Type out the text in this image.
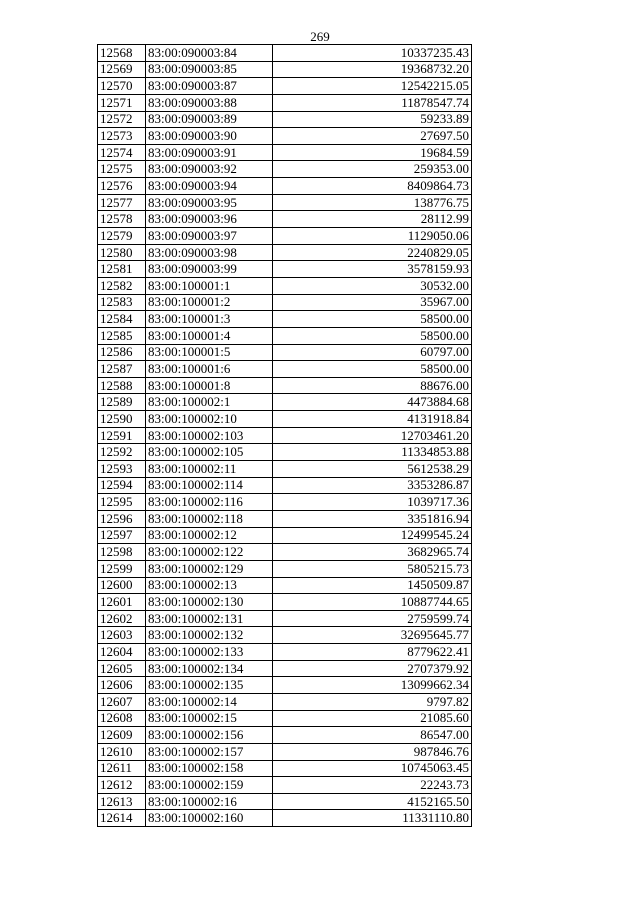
269
12568	83:00:090003:84	10337235.43
12569	83:00:090003:85	19368732.20
12570	83:00:090003:87	12542215.05
12571	83:00:090003:88	11878547.74
12572	83:00:090003:89	59233.89
12573	83:00:090003:90	27697.50
12574	83:00:090003:91	19684.59
12575	83:00:090003:92	259353.00
12576	83:00:090003:94	8409864.73
12577	83:00:090003:95	138776.75
12578	83:00:090003:96	28112.99
12579	83:00:090003:97	1129050.06
12580	83:00:090003:98	2240829.05
12581	83:00:090003:99	3578159.93
12582	83:00:100001:1	30532.00
12583	83:00:100001:2	35967.00
12584	83:00:100001:3	58500.00
12585	83:00:100001:4	58500.00
12586	83:00:100001:5	60797.00
12587	83:00:100001:6	58500.00
12588	83:00:100001:8	88676.00
12589	83:00:100002:1	4473884.68
12590	83:00:100002:10	4131918.84
12591	83:00:100002:103	12703461.20
12592	83:00:100002:105	11334853.88
12593	83:00:100002:11	5612538.29
12594	83:00:100002:114	3353286.87
12595	83:00:100002:116	1039717.36
12596	83:00:100002:118	3351816.94
12597	83:00:100002:12	12499545.24
12598	83:00:100002:122	3682965.74
12599	83:00:100002:129	5805215.73
12600	83:00:100002:13	1450509.87
12601	83:00:100002:130	10887744.65
12602	83:00:100002:131	2759599.74
12603	83:00:100002:132	32695645.77
12604	83:00:100002:133	8779622.41
12605	83:00:100002:134	2707379.92
12606	83:00:100002:135	13099662.34
12607	83:00:100002:14	9797.82
12608	83:00:100002:15	21085.60
12609	83:00:100002:156	86547.00
12610	83:00:100002:157	987846.76
12611	83:00:100002:158	10745063.45
12612	83:00:100002:159	22243.73
12613	83:00:100002:16	4152165.50
12614	83:00:100002:160	11331110.80
